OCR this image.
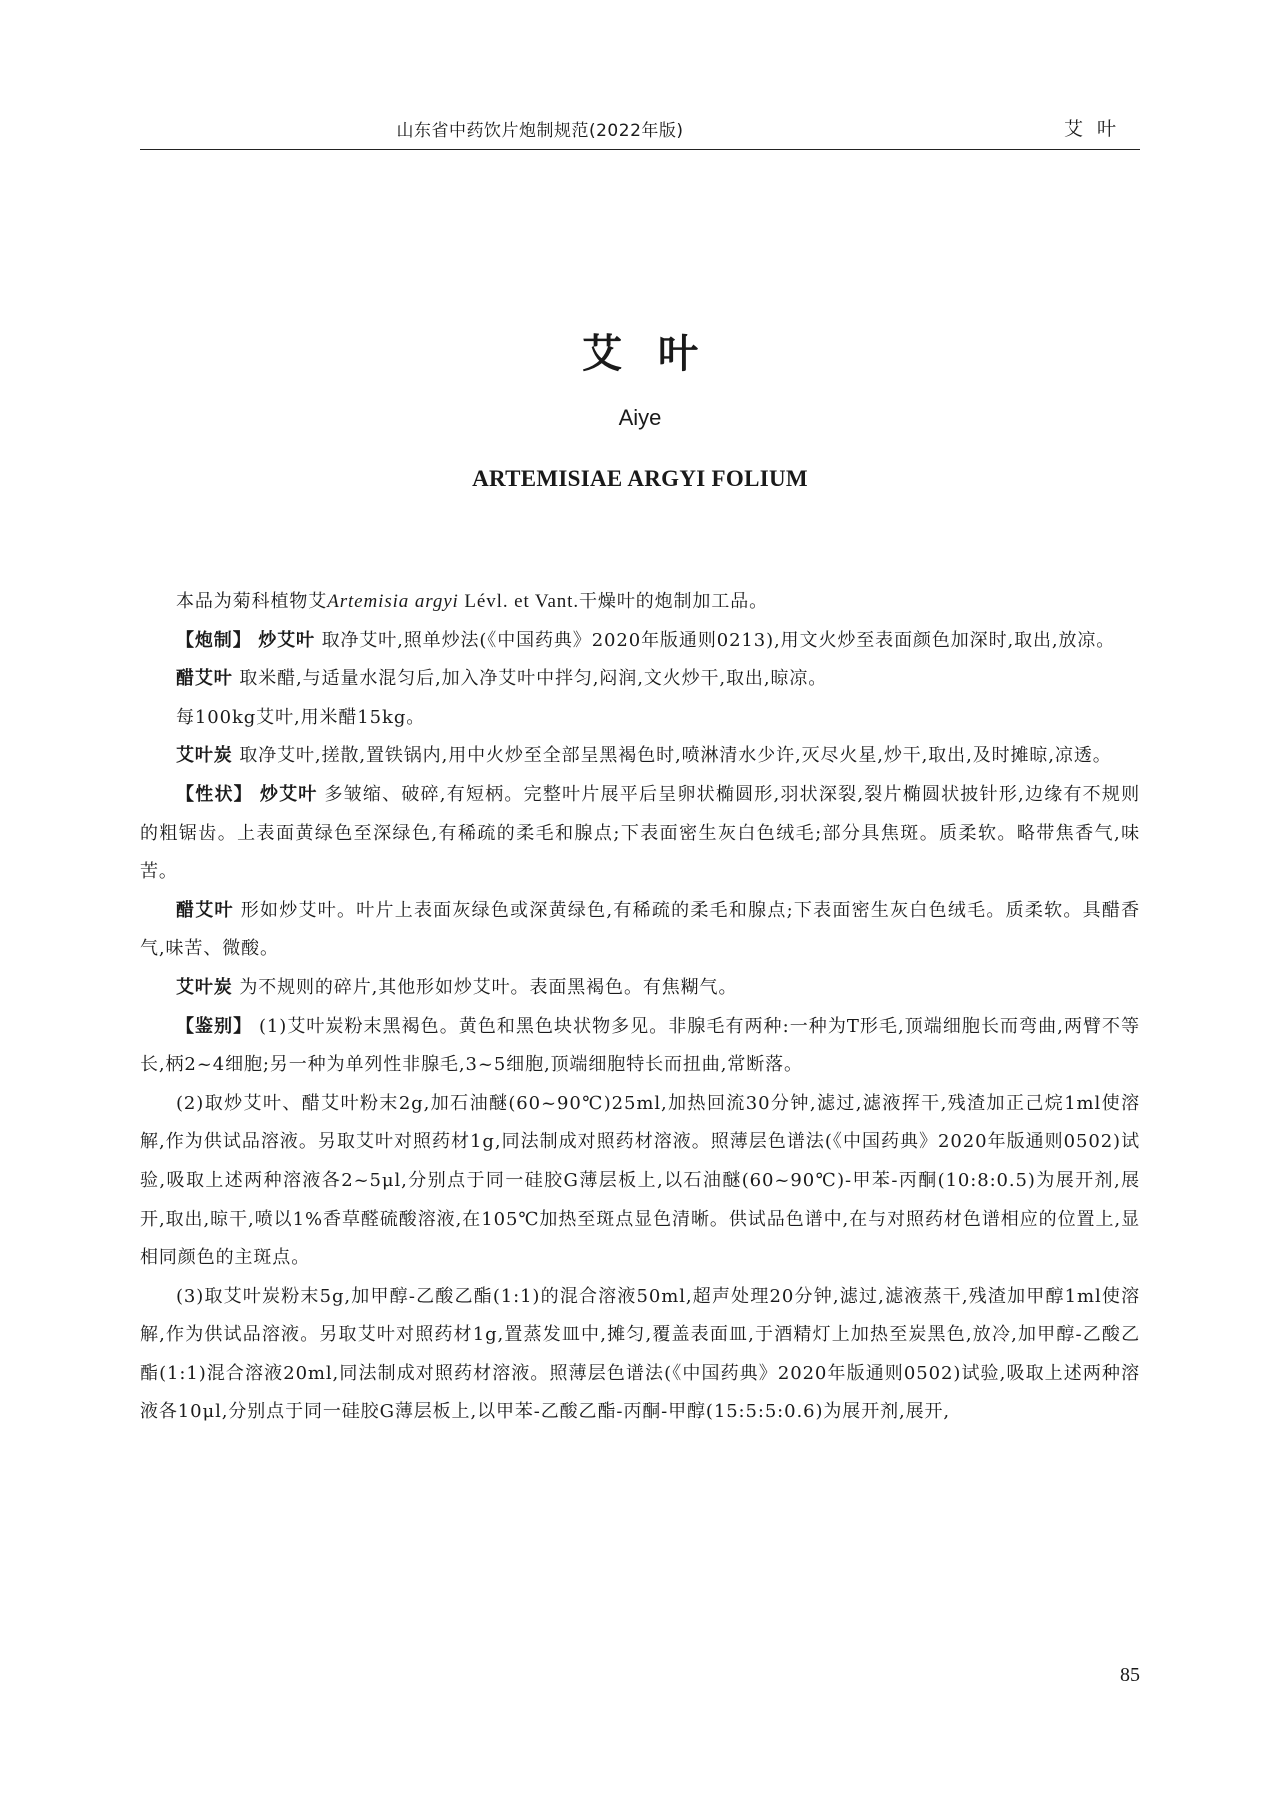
山东省中药饮片炮制规范(2022年版)	艾叶
艾叶
Aiye
ARTEMISIAE ARGYI FOLIUM

本品为菊科植物艾Artemisia argyi Lévl. et Vant.干燥叶的炮制加工品。

【炮制】 炒艾叶 取净艾叶,照单炒法(《中国药典》2020年版通则0213),用文火炒至表面颜色加深时,取出,放凉。

醋艾叶 取米醋,与适量水混匀后,加入净艾叶中拌匀,闷润,文火炒干,取出,晾凉。

每100kg艾叶,用米醋15kg。

艾叶炭 取净艾叶,搓散,置铁锅内,用中火炒至全部呈黑褐色时,喷淋清水少许,灭尽火星,炒干,取出,及时摊晾,凉透。

【性状】 炒艾叶 多皱缩、破碎,有短柄。完整叶片展平后呈卵状椭圆形,羽状深裂,裂片椭圆状披针形,边缘有不规则的粗锯齿。上表面黄绿色至深绿色,有稀疏的柔毛和腺点;下表面密生灰白色绒毛;部分具焦斑。质柔软。略带焦香气,味苦。

醋艾叶 形如炒艾叶。叶片上表面灰绿色或深黄绿色,有稀疏的柔毛和腺点;下表面密生灰白色绒毛。质柔软。具醋香气,味苦、微酸。

艾叶炭 为不规则的碎片,其他形如炒艾叶。表面黑褐色。有焦糊气。

【鉴别】 (1)艾叶炭粉末黑褐色。黄色和黑色块状物多见。非腺毛有两种:一种为T形毛,顶端细胞长而弯曲,两臂不等长,柄2~4细胞;另一种为单列性非腺毛,3~5细胞,顶端细胞特长而扭曲,常断落。

(2)取炒艾叶、醋艾叶粉末2g,加石油醚(60~90℃)25ml,加热回流30分钟,滤过,滤液挥干,残渣加正己烷1ml使溶解,作为供试品溶液。另取艾叶对照药材1g,同法制成对照药材溶液。照薄层色谱法(《中国药典》2020年版通则0502)试验,吸取上述两种溶液各2~5μl,分别点于同一硅胶G薄层板上,以石油醚(60~90℃)-甲苯-丙酮(10:8:0.5)为展开剂,展开,取出,晾干,喷以1%香草醛硫酸溶液,在105℃加热至斑点显色清晰。供试品色谱中,在与对照药材色谱相应的位置上,显相同颜色的主斑点。

(3)取艾叶炭粉末5g,加甲醇-乙酸乙酯(1:1)的混合溶液50ml,超声处理20分钟,滤过,滤液蒸干,残渣加甲醇1ml使溶解,作为供试品溶液。另取艾叶对照药材1g,置蒸发皿中,摊匀,覆盖表面皿,于酒精灯上加热至炭黑色,放冷,加甲醇-乙酸乙酯(1:1)混合溶液20ml,同法制成对照药材溶液。照薄层色谱法(《中国药典》2020年版通则0502)试验,吸取上述两种溶液各10μl,分别点于同一硅胶G薄层板上,以甲苯-乙酸乙酯-丙酮-甲醇(15:5:5:0.6)为展开剂,展开,

85
